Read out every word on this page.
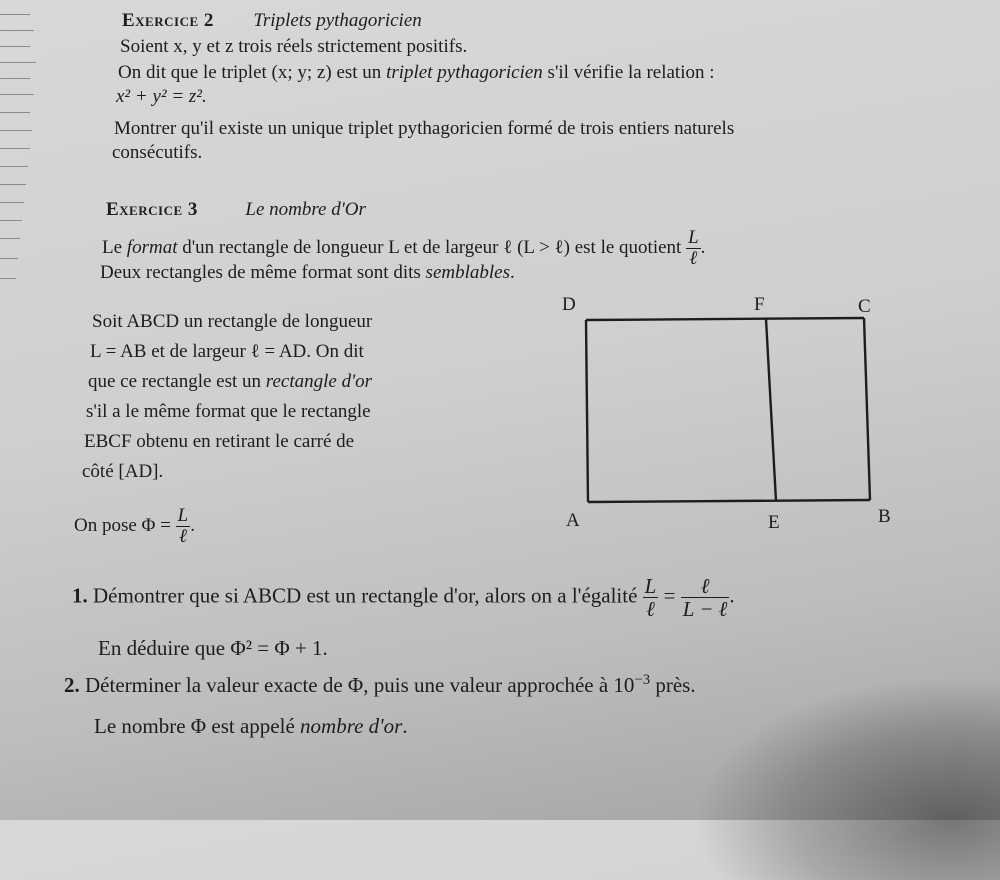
Exercice 2 Triplets pythagoricien
Soient x, y et z trois réels strictement positifs.
On dit que le triplet (x; y; z) est un triplet pythagoricien s'il vérifie la relation :
x² + y² = z².
Montrer qu'il existe un unique triplet pythagoricien formé de trois entiers naturels
consécutifs.
Exercice 3	Le nombre d'Or
Le format d'un rectangle de longueur L et de largeur ℓ (L > ℓ) est le quotient $\frac{L}{\text{ℓ}}$ .
Deux rectangles de même format sont dits semblables.
Soit ABCD un rectangle de longueur
L = AB et de largeur ℓ = AD. On dit
que ce rectangle est un rectangle d'or
s'il a le même format que le rectangle
EBCF obtenu en retirant le carré de
côté [AD].
On pose $\Phi = \frac{L}{\text{ℓ}}$ .
D	F	C
A	E	B
1. Démontrer que si ABCD est un rectangle d'or, alors on a l'égalité $\frac{L}{\text{ℓ}} = \frac{\text{ℓ}}{\text{L − ℓ}}$ .
En déduire que Φ² = Φ + 1.
2. Déterminer la valeur exacte de Φ, puis une valeur approchée à $10^{-3}$ près.
Le nombre Φ est appelé nombre d'or.
